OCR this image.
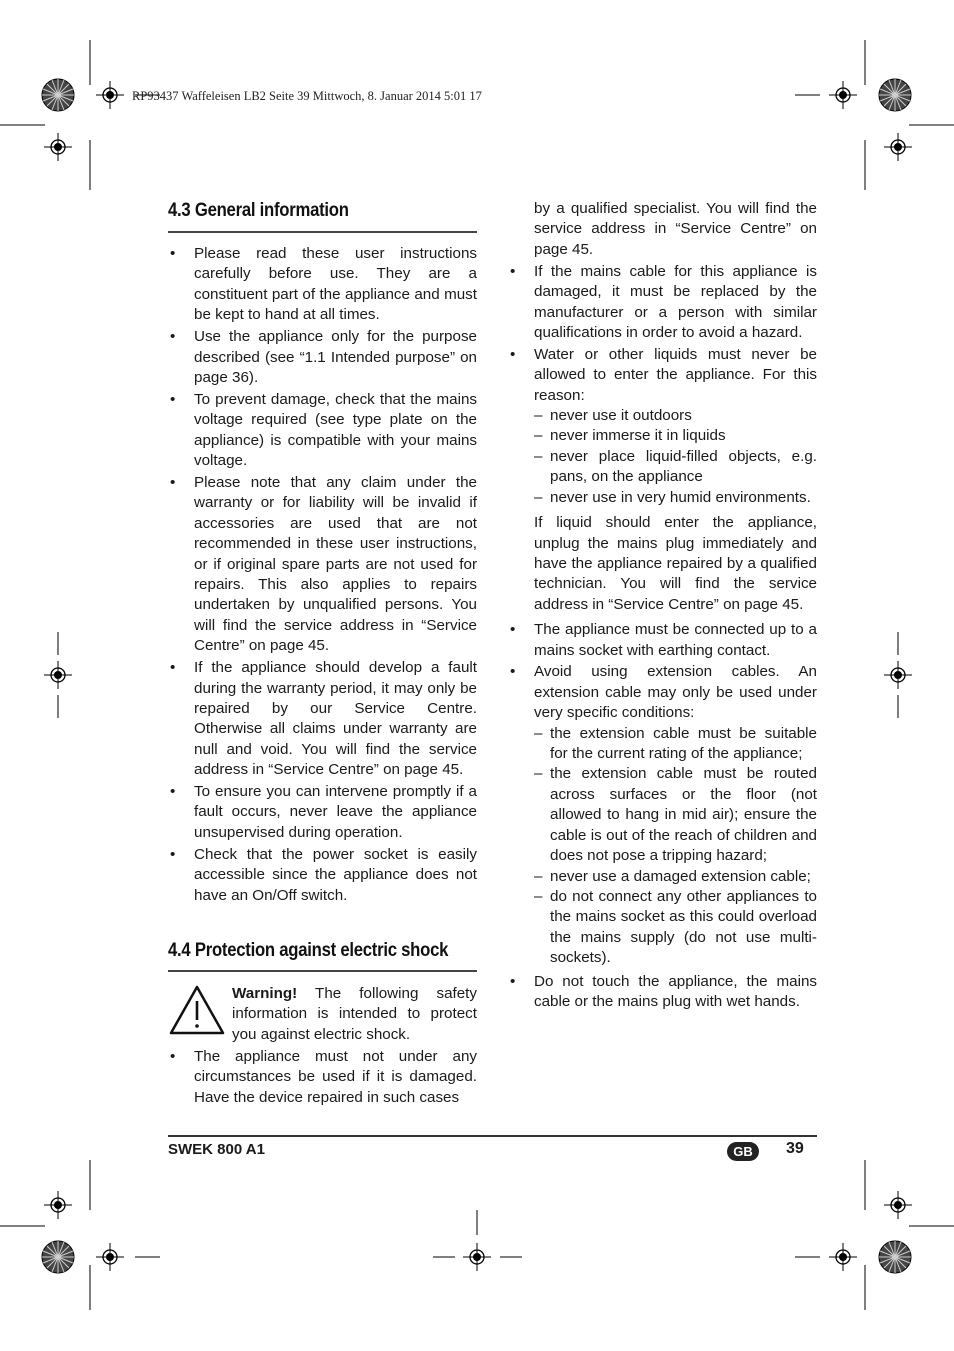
RP93437 Waffeleisen LB2 Seite 39 Mittwoch, 8. Januar 2014 5:01 17
4.3 General information
• Please read these user instructions carefully before use. They are a constituent part of the appliance and must be kept to hand at all times.
• Use the appliance only for the purpose described (see “1.1 Intended purpose” on page 36).
• To prevent damage, check that the mains voltage required (see type plate on the appliance) is compatible with your mains voltage.
• Please note that any claim under the warranty or for liability will be invalid if accessories are used that are not recommended in these user instructions, or if original spare parts are not used for repairs. This also applies to repairs undertaken by unqualified persons. You will find the service address in “Service Centre” on page 45.
• If the appliance should develop a fault during the warranty period, it may only be repaired by our Service Centre. Otherwise all claims under warranty are null and void. You will find the service address in “Service Centre” on page 45.
• To ensure you can intervene promptly if a fault occurs, never leave the appliance unsupervised during operation.
• Check that the power socket is easily accessible since the appliance does not have an On/Off switch.
4.4 Protection against electric shock
Warning! The following safety information is intended to protect you against electric shock.
• The appliance must not under any circumstances be used if it is damaged. Have the device repaired in such cases
by a qualified specialist. You will find the service address in “Service Centre” on page 45.
• If the mains cable for this appliance is damaged, it must be replaced by the manufacturer or a person with similar qualifications in order to avoid a hazard.
• Water or other liquids must never be allowed to enter the appliance. For this reason:
– never use it outdoors
– never immerse it in liquids
– never place liquid-filled objects, e.g. pans, on the appliance
– never use in very humid environments.
If liquid should enter the appliance, unplug the mains plug immediately and have the appliance repaired by a qualified technician. You will find the service address in “Service Centre” on page 45.
• The appliance must be connected up to a mains socket with earthing contact.
• Avoid using extension cables. An extension cable may only be used under very specific conditions:
– the extension cable must be suitable for the current rating of the appliance;
– the extension cable must be routed across surfaces or the floor (not allowed to hang in mid air); ensure the cable is out of the reach of children and does not pose a tripping hazard;
– never use a damaged extension cable;
– do not connect any other appliances to the mains socket as this could overload the mains supply (do not use multi-sockets).
• Do not touch the appliance, the mains cable or the mains plug with wet hands.
SWEK 800 A1	GB	39
